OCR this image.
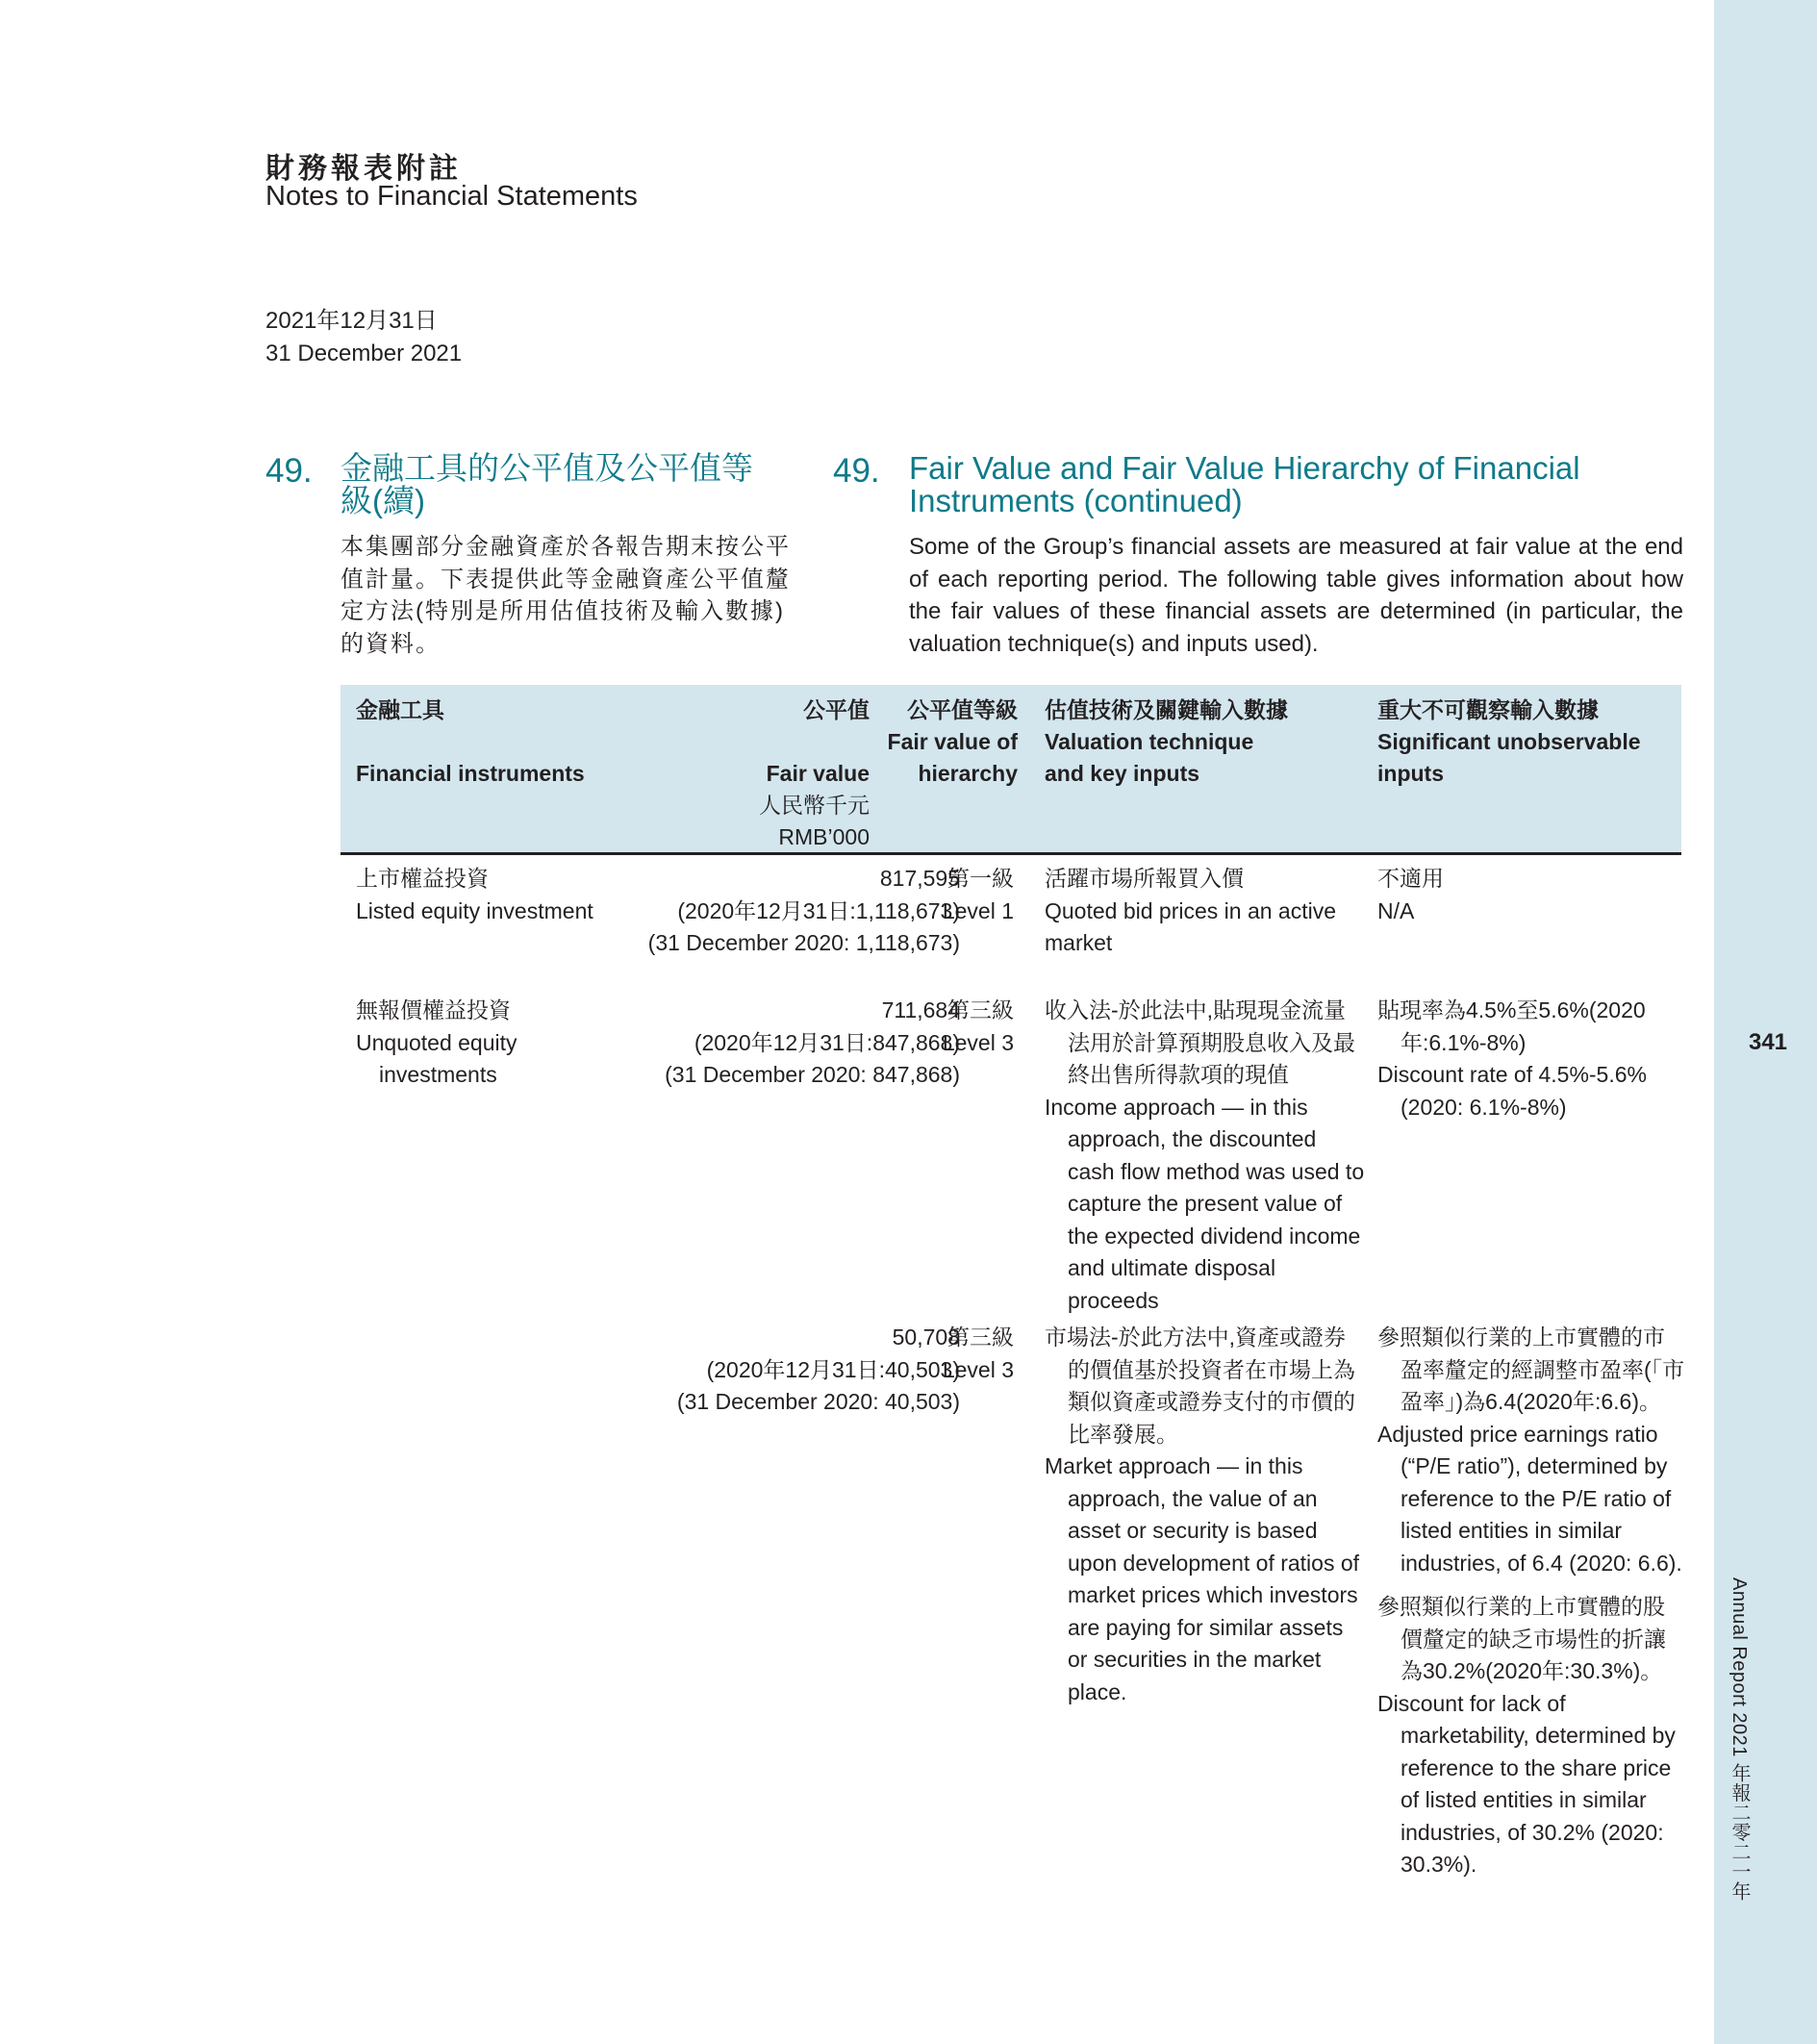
341
Annual Report 2021 年報二零二一年
財務報表附註
Notes to Financial Statements
2021年12月31日
31 December 2021
49. 金融工具的公平值及公平值等級(續)
49. Fair Value and Fair Value Hierarchy of Financial Instruments (continued)
本集團部分金融資產於各報告期末按公平值計量。下表提供此等金融資產公平值釐定方法(特別是所用估值技術及輸入數據)的資料。
Some of the Group’s financial assets are measured at fair value at the end of each reporting period. The following table gives information about how the fair values of these financial assets are determined (in particular, the valuation technique(s) and inputs used).
金融工具
Financial instruments
公平值
Fair value
人民幣千元
RMB’000
公平值等級
Fair value of
hierarchy
估值技術及關鍵輸入數據
Valuation technique
and key inputs
重大不可觀察輸入數據
Significant unobservable
inputs
上市權益投資
Listed equity investment
817,595
(2020年12月31日:1,118,673)
(31 December 2020: 1,118,673)
第一級
Level 1
活躍市場所報買入價
Quoted bid prices in an active market
不適用
N/A
無報價權益投資
Unquoted equity investments
711,684
(2020年12月31日:847,868)
(31 December 2020: 847,868)
第三級
Level 3
收入法-於此法中,貼現現金流量法用於計算預期股息收入及最終出售所得款項的現值
Income approach — in this approach, the discounted cash flow method was used to capture the present value of the expected dividend income and ultimate disposal proceeds
貼現率為4.5%至5.6%(2020年:6.1%-8%)
Discount rate of 4.5%-5.6% (2020: 6.1%-8%)
50,708
(2020年12月31日:40,503)
(31 December 2020: 40,503)
第三級
Level 3
市場法-於此方法中,資產或證券的價值基於投資者在市場上為類似資產或證券支付的市價的比率發展。
Market approach — in this approach, the value of an asset or security is based upon development of ratios of market prices which investors are paying for similar assets or securities in the market place.
參照類似行業的上市實體的市盈率釐定的經調整市盈率(「市盈率」)為6.4(2020年:6.6)。
Adjusted price earnings ratio (“P/E ratio”), determined by reference to the P/E ratio of listed entities in similar industries, of 6.4 (2020: 6.6).
參照類似行業的上市實體的股價釐定的缺乏市場性的折讓為30.2%(2020年:30.3%)。
Discount for lack of marketability, determined by reference to the share price of listed entities in similar industries, of 30.2% (2020: 30.3%).
